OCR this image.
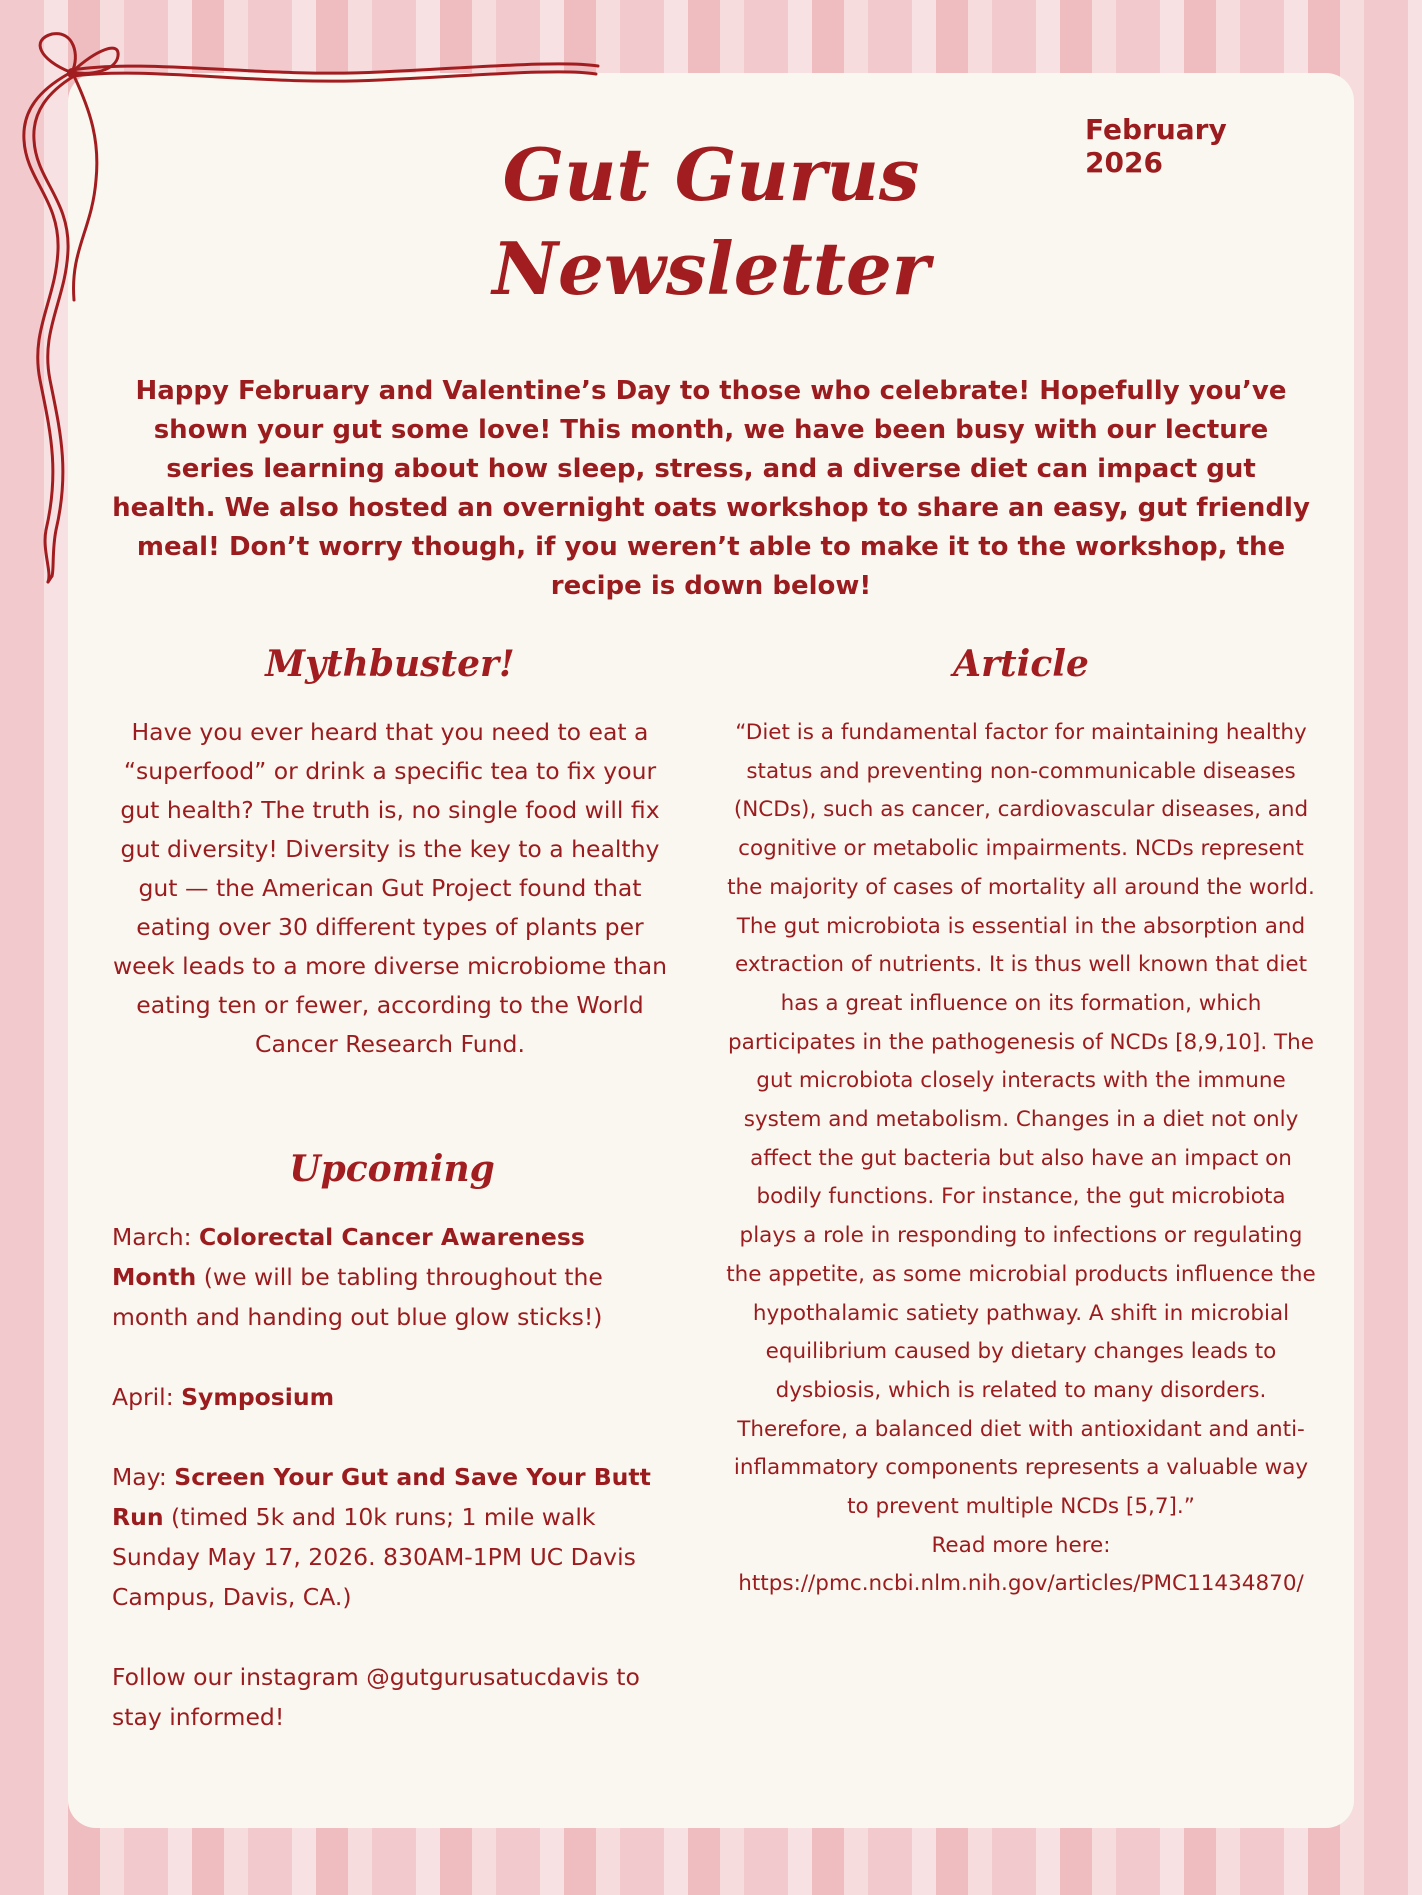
February 2026
Gut Gurus
Newsletter
Happy February and Valentine’s Day to those who celebrate! Hopefully you’ve shown your gut some love! This month, we have been busy with our lecture series learning about how sleep, stress, and a diverse diet can impact gut health. We also hosted an overnight oats workshop to share an easy, gut friendly meal! Don’t worry though, if you weren’t able to make it to the workshop, the recipe is down below!
Mythbuster!
Have you ever heard that you need to eat a “superfood” or drink a specific tea to fix your gut health? The truth is, no single food will fix gut diversity! Diversity is the key to a healthy gut — the American Gut Project found that eating over 30 different types of plants per week leads to a more diverse microbiome than eating ten or fewer, according to the World Cancer Research Fund.
Upcoming

March: Colorectal Cancer Awareness Month (we will be tabling throughout the month and handing out blue glow sticks!)

April: Symposium

May: Screen Your Gut and Save Your Butt Run (timed 5k and 10k runs; 1 mile walk Sunday May 17, 2026. 830AM-1PM UC Davis Campus, Davis, CA.)

Follow our instagram @gutgurusatucdavis to stay informed!

Article
“Diet is a fundamental factor for maintaining healthy status and preventing non-communicable diseases (NCDs), such as cancer, cardiovascular diseases, and cognitive or metabolic impairments. NCDs represent the majority of cases of mortality all around the world. The gut microbiota is essential in the absorption and extraction of nutrients. It is thus well known that diet has a great influence on its formation, which participates in the pathogenesis of NCDs [8,9,10]. The gut microbiota closely interacts with the immune system and metabolism. Changes in a diet not only affect the gut bacteria but also have an impact on bodily functions. For instance, the gut microbiota plays a role in responding to infections or regulating the appetite, as some microbial products influence the hypothalamic satiety pathway. A shift in microbial equilibrium caused by dietary changes leads to dysbiosis, which is related to many disorders. Therefore, a balanced diet with antioxidant and anti-inflammatory components represents a valuable way to prevent multiple NCDs [5,7].”
Read more here:
https://pmc.ncbi.nlm.nih.gov/articles/PMC11434870/
